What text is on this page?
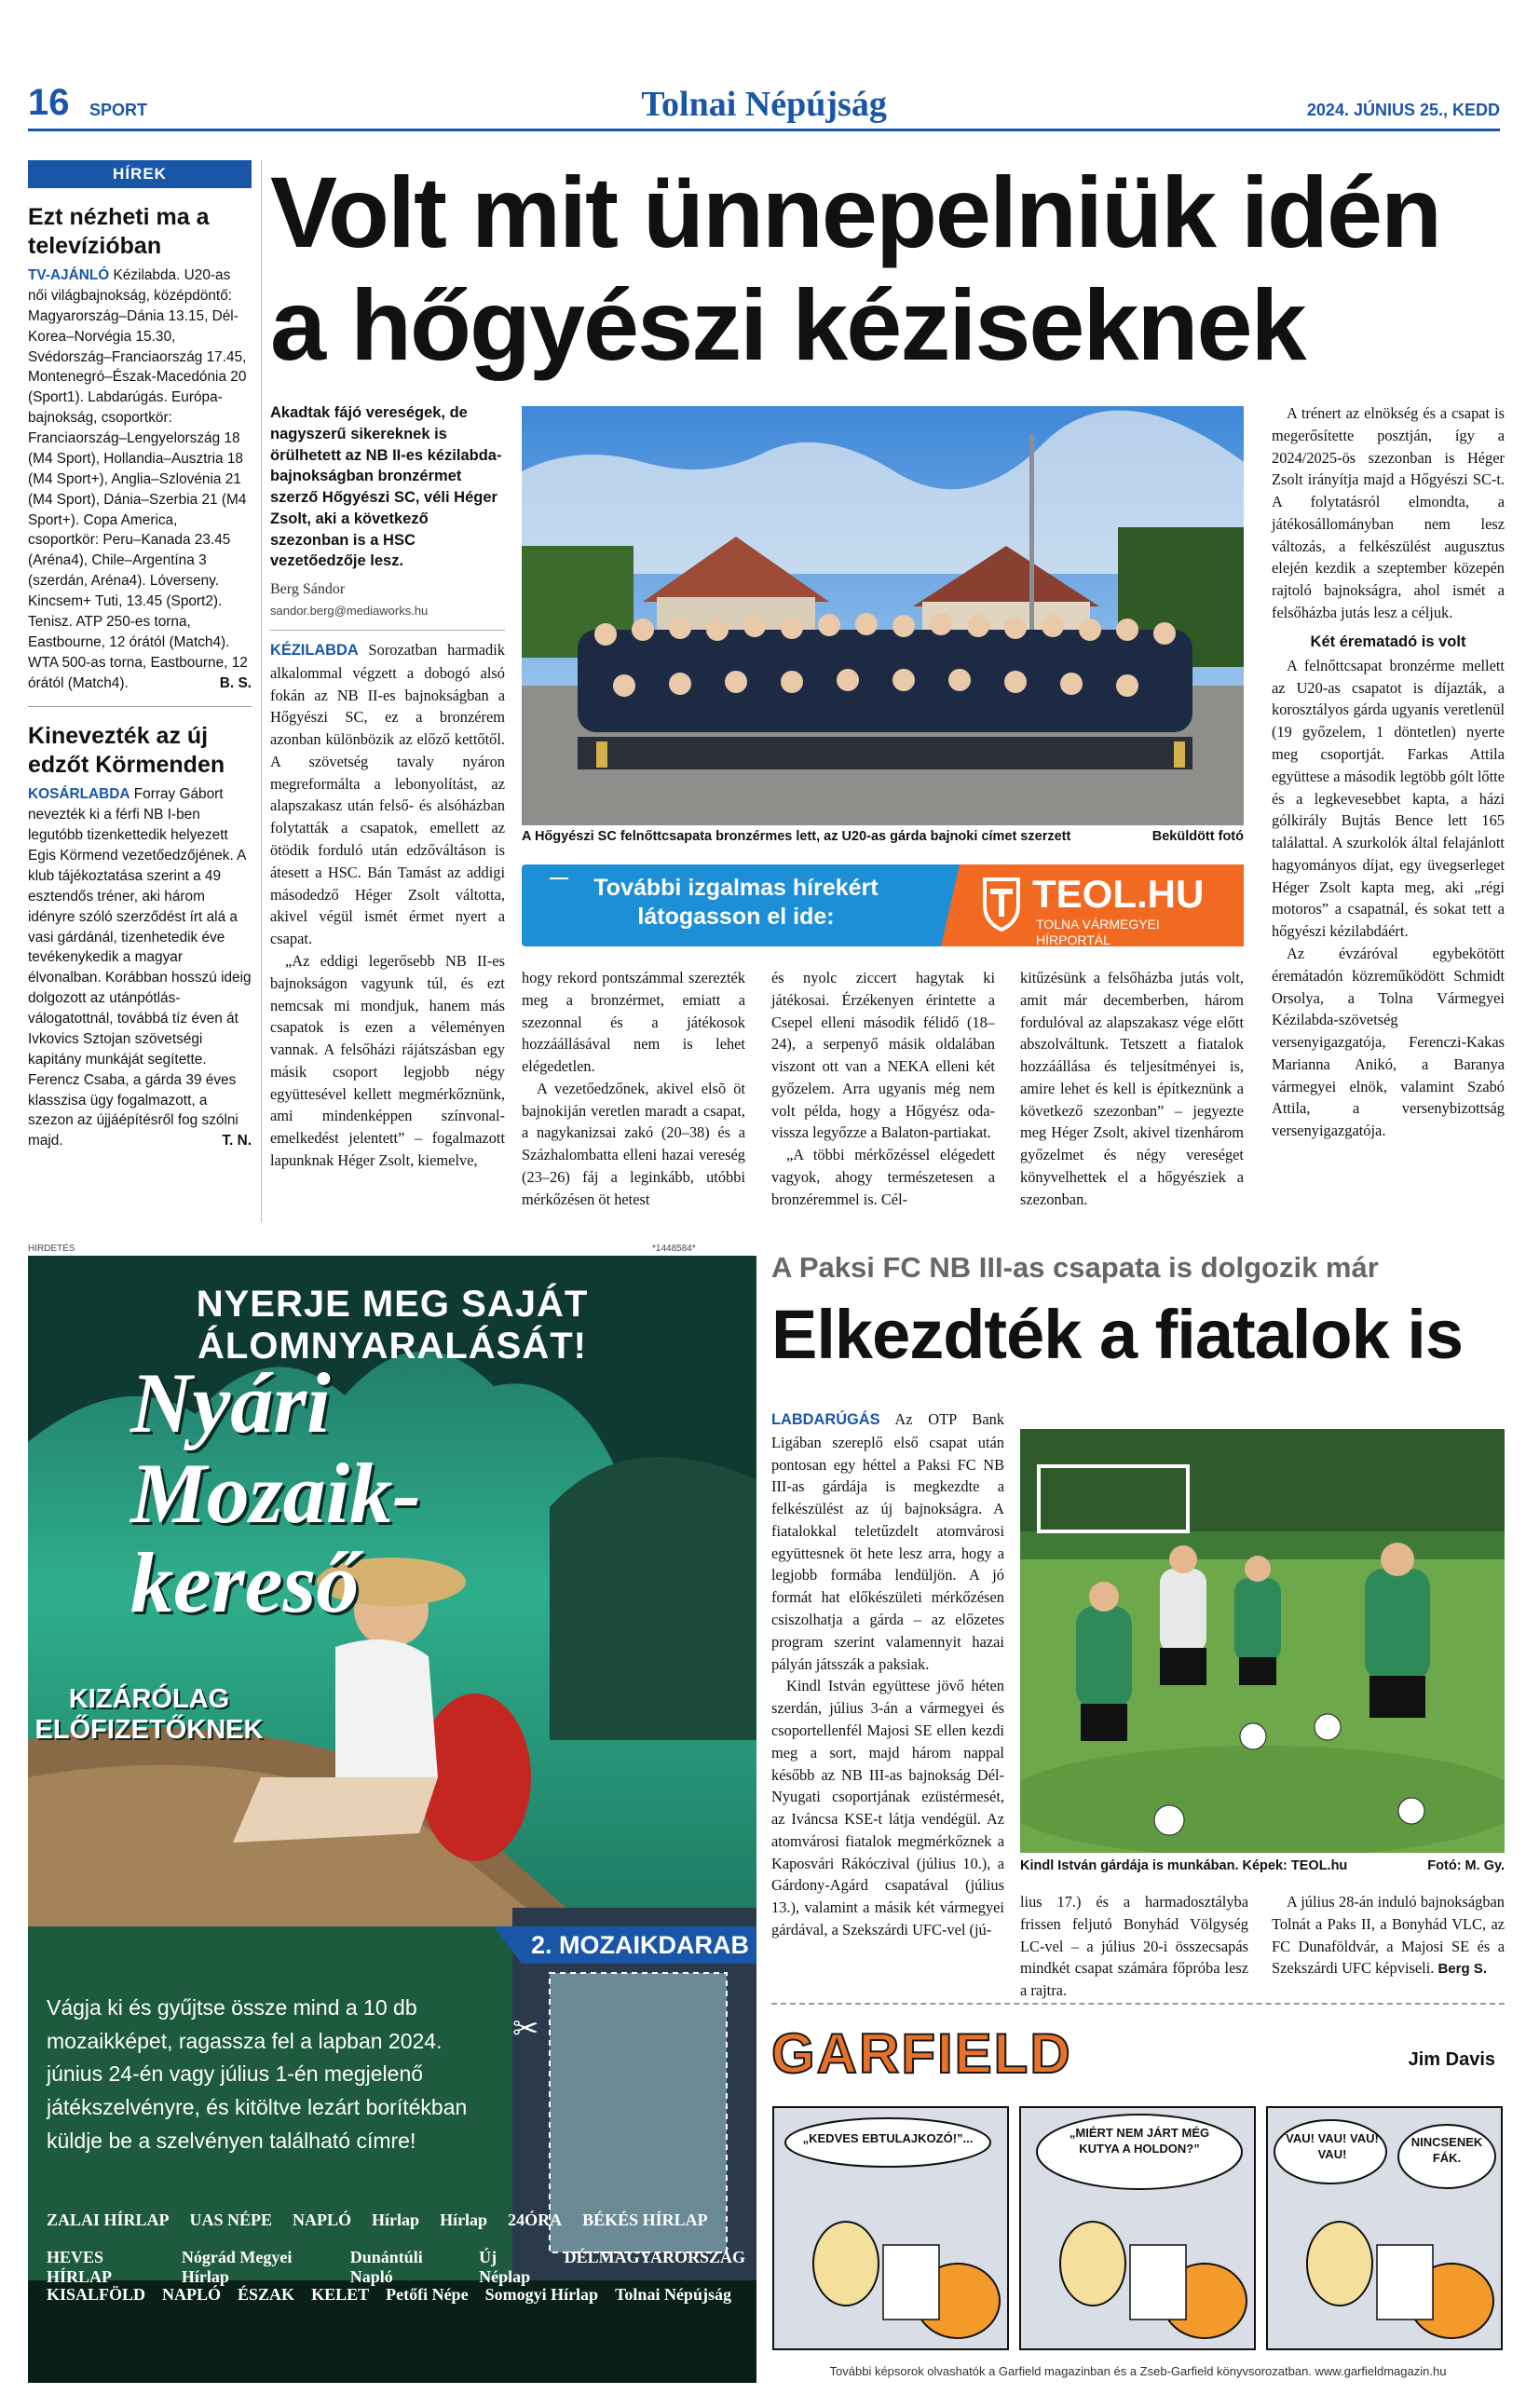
16 SPORT	Tolnai Népújság	2024. JÚNIUS 25., KEDD
HÍREK
Ezt nézheti ma a televízióban

TV-AJÁNLÓ Kézilabda. U20-as női világbajnokság, középdöntő: Magyarország–Dánia 13.15, Dél-Korea–Norvégia 15.30, Svédország–Franciaország 17.45, Montenegró–Észak-Macedónia 20 (Sport1). Labdarúgás. Európa-bajnokság, csoportkör: Franciaország–Lengyelország 18 (M4 Sport), Hollandia–Ausztria 18 (M4 Sport+), Anglia–Szlovénia 21 (M4 Sport), Dánia–Szerbia 21 (M4 Sport+). Copa America, csoportkör: Peru–Kanada 23.45 (Aréna4), Chile–Argentína 3 (szerdán, Aréna4). Lóverseny. Kincsem+ Tuti, 13.45 (Sport2). Tenisz. ATP 250-es torna, Eastbourne, 12 órától (Match4). WTA 500-as torna, Eastbourne, 12 órától (Match4).	B. S.

Kinevezték az új edzőt Körmenden

KOSÁRLABDA Forray Gábort nevezték ki a férfi NB I-ben legutóbb tizenkettedik helyezett Egis Körmend vezetőedzőjének. A klub tájékoztatása szerint a 49 esztendős tréner, aki három idényre szóló szerződést írt alá a vasi gárdánál, tizenhetedik éve tevékenykedik a magyar élvonalban. Korábban hosszú ideig dolgozott az utánpótlás-válogatottnál, továbbá tíz éven át Ivkovics Sztojan szövetségi kapitány munkáját segítette. Ferencz Csaba, a gárda 39 éves klasszisa ügy fogalmazott, a szezon az újjáépítésről fog szólni majd.	T. N.

Volt mit ünnepelniük idén a hőgyészi kéziseknek

Akadtak fájó vereségek, de nagyszerű sikereknek is örülhetett az NB II-es kézilabda-bajnokságban bronzérmet szerző Hőgyészi SC, véli Héger Zsolt, aki a következő szezonban is a HSC vezetőedzője lesz.

Berg Sándor
sandor.berg@mediaworks.hu
A Hőgyészi SC felnőttcsapata bronzérmes lett, az U20-as gárda bajnoki címet szerzett	Beküldött fotó
További izgalmas hírekért
látogasson el ide:
TEOL.HU
TOLNA VÁRMEGYEI
HÍRPORTÁL

KÉZILABDA Sorozatban harmadik alkalommal végzett a dobogó alsó fokán az NB II-es bajnokságban a Hőgyészi SC, ez a bronzérem azonban különbözik az előző kettőtől. A szövetség tavaly nyáron megreformálta a lebonyolítást, az alapszakasz után felső- és alsóházban folytatták a csapatok, emellett az ötödik forduló után edzőváltáson is átesett a HSC. Bán Tamást az addigi másodedző Héger Zsolt váltotta, akivel végül ismét érmet nyert a csapat.

„Az eddigi legerősebb NB II-es bajnokságon vagyunk túl, és ezt nemcsak mi mondjuk, hanem más csapatok is ezen a véleményen vannak. A felsőházi rájátszásban egy másik csoport legjobb négy együttesével kellett megmérkőznünk, ami mindenképpen színvonal-emelkedést jelentett” – fogalmazott lapunknak Héger Zsolt, kiemelve,

hogy rekord pontszámmal szerezték meg a bronzérmet, emiatt a szezonnal és a játékosok hozzáállásával nem is lehet elégedetlen.

A vezetőedzőnek, akivel elsõ öt bajnokiján veretlen maradt a csapat, a nagykanizsai zakó (20–38) és a Százhalombatta elleni hazai vereség (23–26) fáj a leginkább, utóbbi mérkőzésen öt hetest

és nyolc ziccert hagytak ki játékosai. Érzékenyen érintette a Csepel elleni második félidő (18–24), a serpenyő másik oldalában viszont ott van a NEKA elleni két győzelem. Arra ugyanis még nem volt példa, hogy a Hőgyész oda-vissza legyőzze a Balaton-partiakat.

„A többi mérkőzéssel elégedett vagyok, ahogy természetesen a bronzéremmel is. Cél-

kitűzésünk a felsőházba jutás volt, amit már decemberben, három fordulóval az alapszakasz vége előtt abszolváltunk. Tetszett a fiatalok hozzáállása és teljesítményei is, amire lehet és kell is építkeznünk a következő szezonban” – jegyezte meg Héger Zsolt, akivel tizenhárom győzelmet és négy vereséget könyvelhettek el a hőgyésziek a szezonban.

A trénert az elnökség és a csapat is megerősítette posztján, így a 2024/2025-ös szezonban is Héger Zsolt irányítja majd a Hőgyészi SC-t. A folytatásról elmondta, a játékosállományban nem lesz változás, a felkészülést augusztus elején kezdik a szeptember közepén rajtoló bajnokságra, ahol ismét a felsőházba jutás lesz a céljuk.

Két érematadó is volt

A felnőttcsapat bronzérme mellett az U20-as csapatot is díjazták, a korosztályos gárda ugyanis veretlenül (19 győzelem, 1 döntetlen) nyerte meg csoportját. Farkas Attila együttese a második legtöbb gólt lőtte és a legkevesebbet kapta, a házi gólkirály Bujtás Bence lett 165 találattal. A szurkolók által felajánlott hagyományos díjat, egy üvegserleget Héger Zsolt kapta meg, aki „régi motoros” a csapatnál, és sokat tett a hőgyészi kézilabdáért.

Az évzáróval egybekötött éremátadón közreműködött Schmidt Orsolya, a Tolna Vármegyei Kézilabda-szövetség versenyigazgatója, Ferenczi-Kakas Marianna Anikó, a Baranya vármegyei elnök, valamint Szabó Attila, a versenybizottság versenyigazgatója.

HIRDETÉS	*1448584*
NYERJE MEG SAJÁT ÁLOMNYARALÁSÁT!
Nyári
Mozaik-
kereső
KIZÁRÓLAG
ELŐFIZETŐKNEK
2. MOZAIKDARAB
✂
Vágja ki és gyűjtse össze mind a 10 db mozaikképet, ragassza fel a lapban 2024. június 24-én vagy július 1-én megjelenő játékszelvényre, és kitöltve lezárt borítékban küldje be a szelvényen található címre!
ZALAI HÍRLAP UAS NÉPE NAPLÓ Hírlap Hírlap 24ÓRA BÉKÉS HÍRLAP
HEVES HÍRLAP
Nógrád Megyei Hírlap
Dunántúli Napló
Új Néplap
DÉLMAGYARORSZÁG
KISALFÖLD NAPLÓ ÉSZAK KELET Petőfi Népe Somogyi Hírlap Tolnai Népújság
A Paksi FC NB III-as csapata is dolgozik már
Elkezdték a fiatalok is

LABDARÚGÁS Az OTP Bank Ligában szereplő első csapat után pontosan egy héttel a Paksi FC NB III-as gárdája is megkezdte a felkészülést az új bajnokságra. A fiatalokkal teletűzdelt atomvárosi együttesnek öt hete lesz arra, hogy a legjobb formába lendüljön. A jó formát hat előkészületi mérkőzésen csiszolhatja a gárda – az előzetes program szerint valamennyit hazai pályán játsszák a paksiak.

Kindl István együttese jövő héten szerdán, július 3-án a vármegyei és csoportellenfél Majosi SE ellen kezdi meg a sort, majd három nappal később az NB III-as bajnokság Dél-Nyugati csoportjának ezüstérmesét, az Iváncsa KSE-t látja vendégül. Az atomvárosi fiatalok megmérkőznek a Kaposvári Rákóczival (július 10.), a Gárdony-Agárd csapatával (július 13.), valamint a másik két vármegyei gárdával, a Szekszárdi UFC-vel (jú-

Kindl István gárdája is munkában. Képek: TEOL.hu	Fotó: M. Gy.

lius 17.) és a harmadosztályba frissen feljutó Bonyhád Völgység LC-vel – a július 20-i összecsapás mindkét csapat számára főpróba lesz a rajtra.

A július 28-án induló bajnokságban Tolnát a Paks II, a Bonyhád VLC, az FC Dunaföldvár, a Majosi SE és a Szekszárdi UFC képviseli. Berg S.

GARFIELD	Jim Davis
„KEDVES EBTULAJKOZÓ!”...	„MIÉRT NEM JÁRT MÉG KUTYA A HOLDON?”
VAU! VAU! VAU! VAU!
NINCSENEK FÁK.
További képsorok olvashatók a Garfield magazinban és a Zseb-Garfield könyvsorozatban. www.garfieldmagazin.hu
